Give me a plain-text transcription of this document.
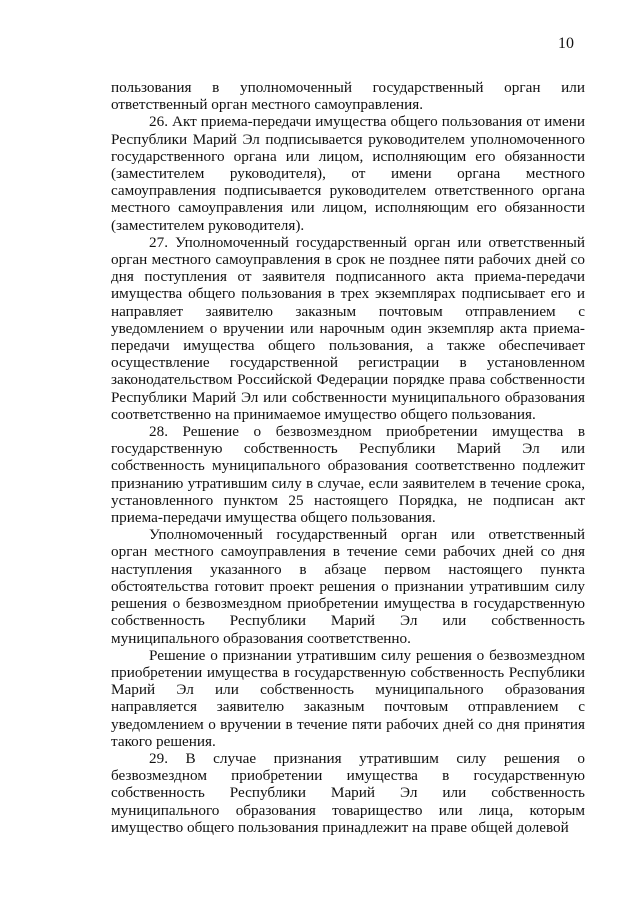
10

пользования в уполномоченный государственный орган или ответственный орган местного самоуправления.

26. Акт приема-передачи имущества общего пользования от имени Республики Марий Эл подписывается руководителем уполномоченного государственного органа или лицом, исполняющим его обязанности (заместителем руководителя), от имени органа местного самоуправления подписывается руководителем ответственного органа местного самоуправления или лицом, исполняющим его обязанности (заместителем руководителя).

27. Уполномоченный государственный орган или ответственный орган местного самоуправления в срок не позднее пяти рабочих дней со дня поступления от заявителя подписанного акта приема-передачи имущества общего пользования в трех экземплярах подписывает его и направляет заявителю заказным почтовым отправлением с уведомлением о вручении или нарочным один экземпляр акта приема-передачи имущества общего пользования, а также обеспечивает осуществление государственной регистрации в установленном законодательством Российской Федерации порядке права собственности Республики Марий Эл или собственности муниципального образования соответственно на принимаемое имущество общего пользования.

28. Решение о безвозмездном приобретении имущества в государственную собственность Республики Марий Эл или собственность муниципального образования соответственно подлежит признанию утратившим силу в случае, если заявителем в течение срока, установленного пунктом 25 настоящего Порядка, не подписан акт приема-передачи имущества общего пользования.

Уполномоченный государственный орган или ответственный орган местного самоуправления в течение семи рабочих дней со дня наступления указанного в абзаце первом настоящего пункта обстоятельства готовит проект решения о признании утратившим силу решения о безвозмездном приобретении имущества в государственную собственность Республики Марий Эл или собственность муниципального образования соответственно.

Решение о признании утратившим силу решения о безвозмездном приобретении имущества в государственную собственность Республики Марий Эл или собственность муниципального образования направляется заявителю заказным почтовым отправлением с уведомлением о вручении в течение пяти рабочих дней со дня принятия такого решения.

29. В случае признания утратившим силу решения о безвозмездном приобретении имущества в государственную собственность Республики Марий Эл или собственность муниципального образования товарищество или лица, которым имущество общего пользования принадлежит на праве общей долевой
